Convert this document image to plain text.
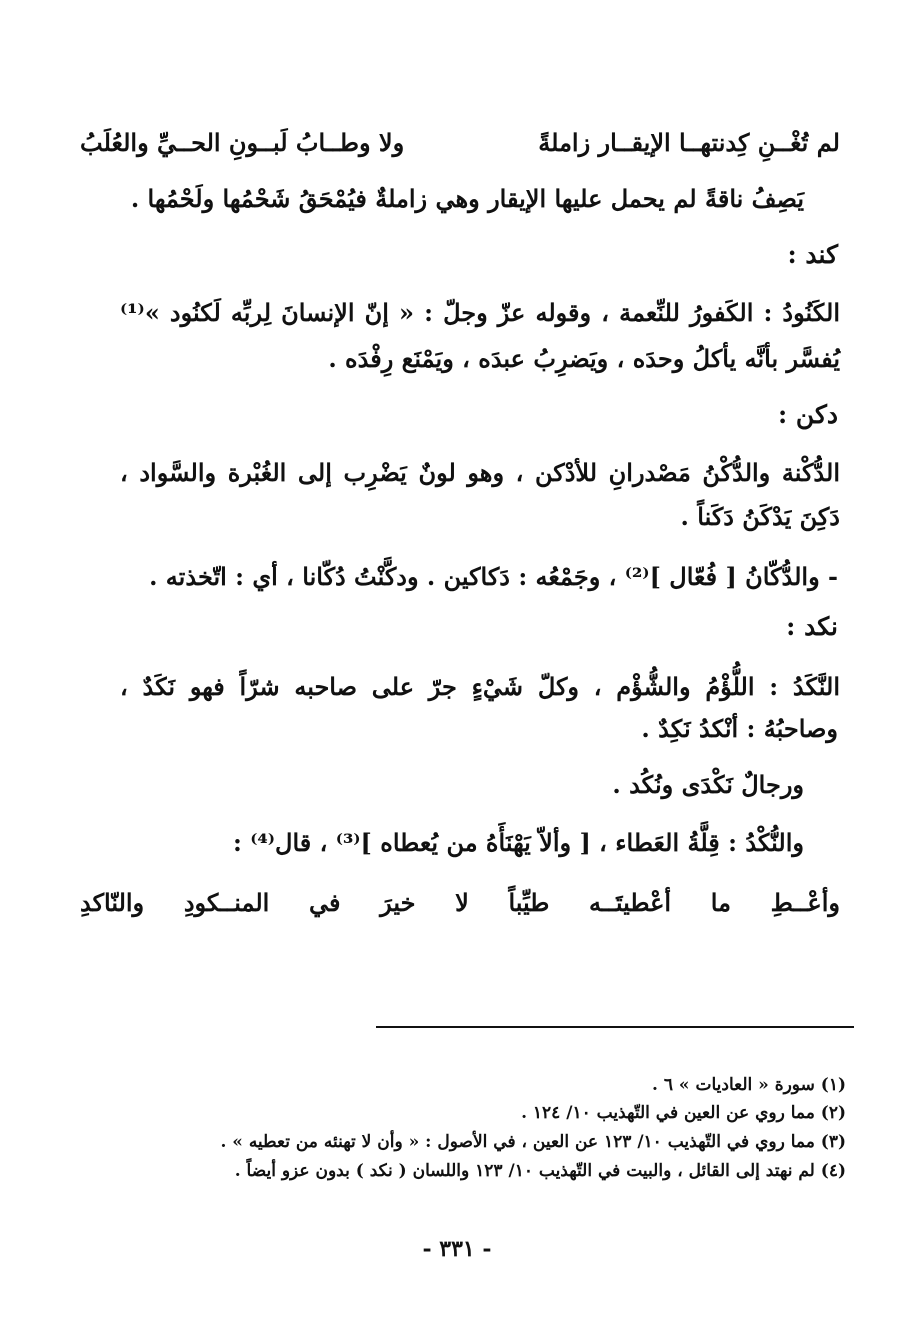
لم تُغْــنِ كِدنتهــا الإيقــار زاملةً
ولا وطــابُ لَبــونِ الحــيِّ والعُلَبُ
يَصِفُ ناقةً لم يحمل عليها الإيقار وهي زاملةٌ فيُمْحَقُ شَحْمُها ولَحْمُها .
كند :
الكَنُودُ : الكَفورُ للنِّعمة ، وقوله عزّ وجلّ : « إنّ الإنسانَ لِربِّه لَكنُود »⁽¹⁾
يُفسَّر بأنَّه يأكلُ وحدَه ، ويَضرِبُ عبدَه ، ويَمْنَع رِفْدَه .
دكن :
الدُّكْنة والدُّكْنُ مَصْدرانِ للأدْكن ، وهو لونٌ يَضْرِب إلى الغُبْرة والسَّواد ،
دَكِنَ يَدْكَنُ دَكَناً .
- والدُّكّانُ [ فُعّال ]⁽²⁾ ، وجَمْعُه : دَكاكين . ودكَّنْتُ دُكّانا ، أي : اتّخذته .
نكد :
النَّكَدُ : اللُّؤْمُ والشُّؤْم ، وكلّ شَيْءٍ جرّ على صاحبه شرّاً فهو نَكَدٌ ،
وصاحبُهُ : أنْكدُ نَكِدٌ .
ورجالٌ نَكْدَى ونُكُد .
والنُّكْدُ : قِلَّةُ العَطاء ، [ وألاّ يَهْنَأَهُ من يُعطاه ]⁽³⁾ ، قال⁽⁴⁾ :
وأعْــطِ
ما
أعْطيتَــه
طيِّباً
لا
خيرَ
في
المنــكودِ
والنّاكدِ
(١) سورة « العاديات » ٦ .
(٢) مما روي عن العين في التّهذيب ١٠/ ١٢٤ .
(٣) مما روي في التّهذيب ١٠/ ١٢٣ عن العين ، في الأصول : « وأن لا تهنئه من تعطيه » .
(٤) لم نهتد إلى القائل ، والبيت في التّهذيب ١٠/ ١٢٣ واللسان ( نكد ) بدون عزو أيضاً .
- ٣٣١ -
